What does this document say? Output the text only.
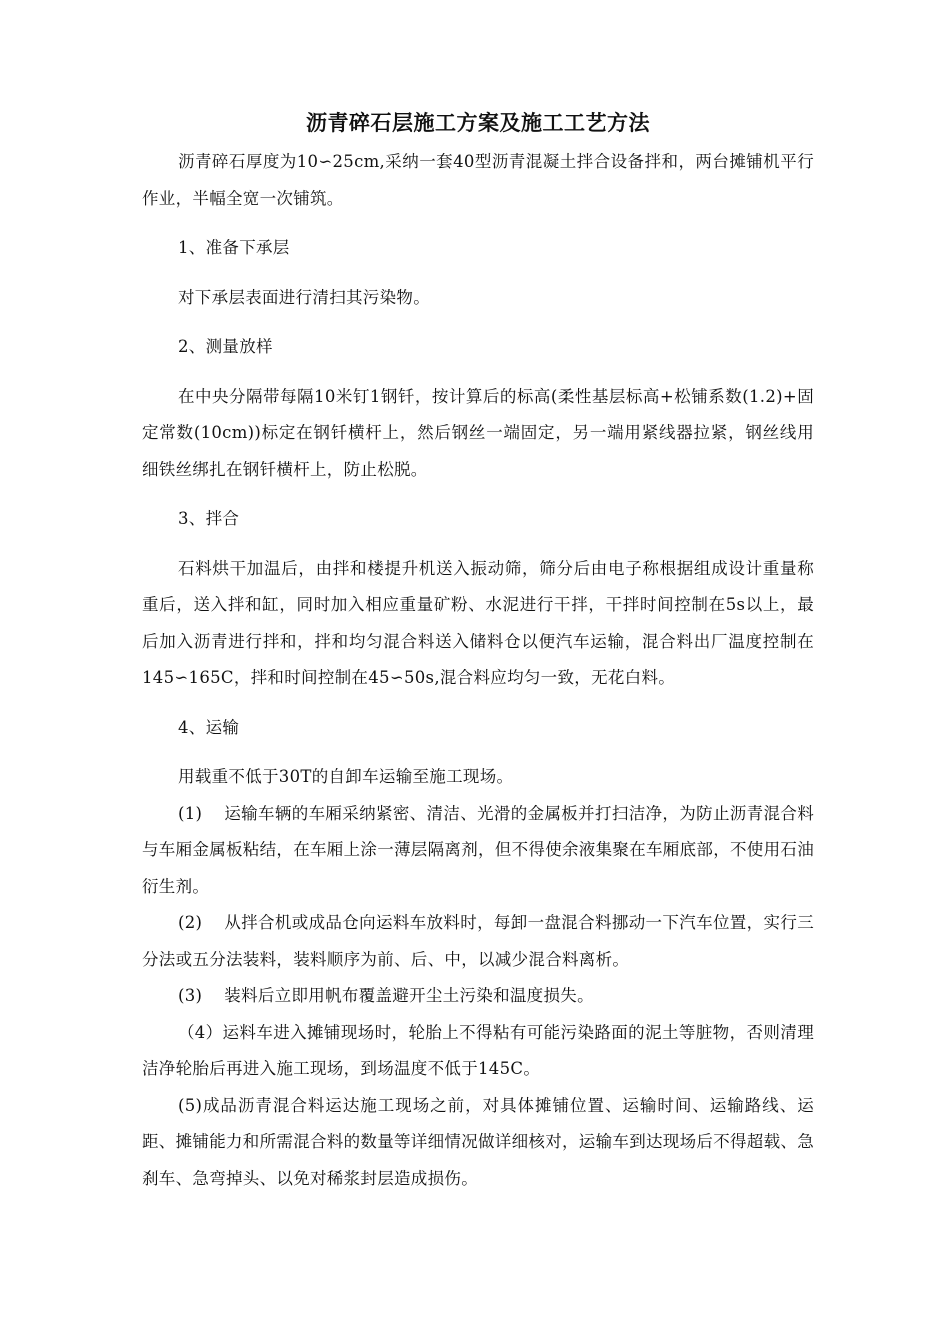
沥青碎石层施工方案及施工工艺方法

沥青碎石厚度为10∽25cm,采纳一套40型沥青混凝土拌合设备拌和，两台摊铺机平行作业，半幅全宽一次铺筑。

1、准备下承层

对下承层表面进行清扫其污染物。

2、测量放样

在中央分隔带每隔10米钉1钢钎，按计算后的标高(柔性基层标高+松铺系数(1.2)+固定常数(10cm))标定在钢钎横杆上，然后钢丝一端固定，另一端用紧线器拉紧，钢丝线用细铁丝绑扎在钢钎横杆上，防止松脱。

3、拌合

石料烘干加温后，由拌和楼提升机送入振动筛，筛分后由电子称根据组成设计重量称重后，送入拌和缸，同时加入相应重量矿粉、水泥进行干拌，干拌时间控制在5s以上，最后加入沥青进行拌和，拌和均匀混合料送入储料仓以便汽车运输，混合料出厂温度控制在145∽165C，拌和时间控制在45∽50s,混合料应均匀一致，无花白料。

4、运输

用载重不低于30T的自卸车运输至施工现场。

(1) 运输车辆的车厢采纳紧密、清洁、光滑的金属板并打扫洁净，为防止沥青混合料与车厢金属板粘结，在车厢上涂一薄层隔离剂，但不得使余液集聚在车厢底部，不使用石油衍生剂。

(2) 从拌合机或成品仓向运料车放料时，每卸一盘混合料挪动一下汽车位置，实行三分法或五分法装料，装料顺序为前、后、中，以减少混合料离析。

(3) 装料后立即用帆布覆盖避开尘土污染和温度损失。

（4）运料车进入摊铺现场时，轮胎上不得粘有可能污染路面的泥土等脏物，否则清理洁净轮胎后再进入施工现场，到场温度不低于145C。

(5)成品沥青混合料运达施工现场之前，对具体摊铺位置、运输时间、运输路线、运距、摊铺能力和所需混合料的数量等详细情况做详细核对，运输车到达现场后不得超载、急刹车、急弯掉头、以免对稀浆封层造成损伤。
